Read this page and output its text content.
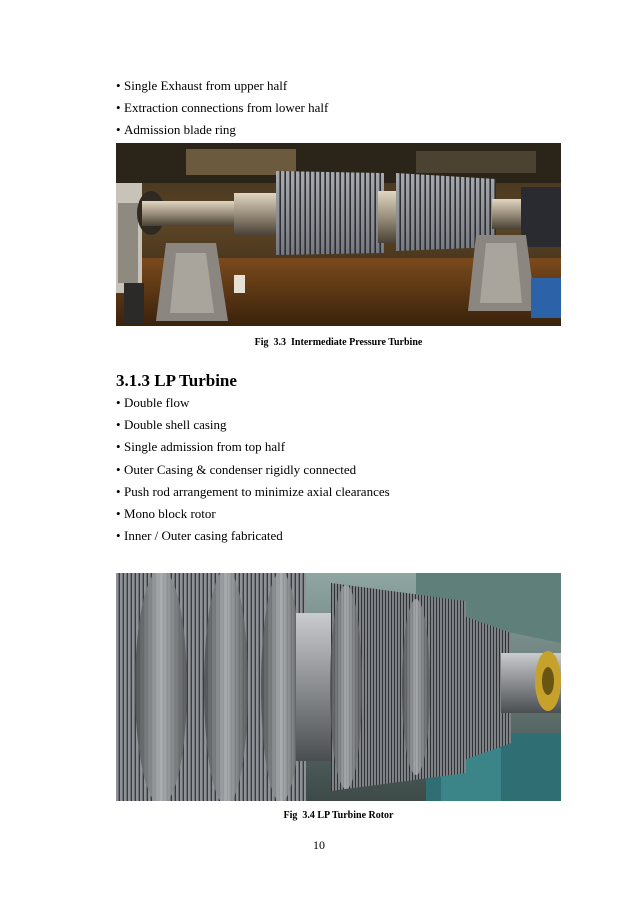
• Single Exhaust from upper half
• Extraction connections from lower half
• Admission blade ring
Fig  3.3  Intermediate Pressure Turbine
3.1.3 LP Turbine
• Double flow
• Double shell casing
• Single admission from top half
• Outer Casing & condenser rigidly connected
• Push rod arrangement to minimize axial clearances
• Mono block rotor
• Inner / Outer casing fabricated
Fig  3.4 LP Turbine Rotor
10
